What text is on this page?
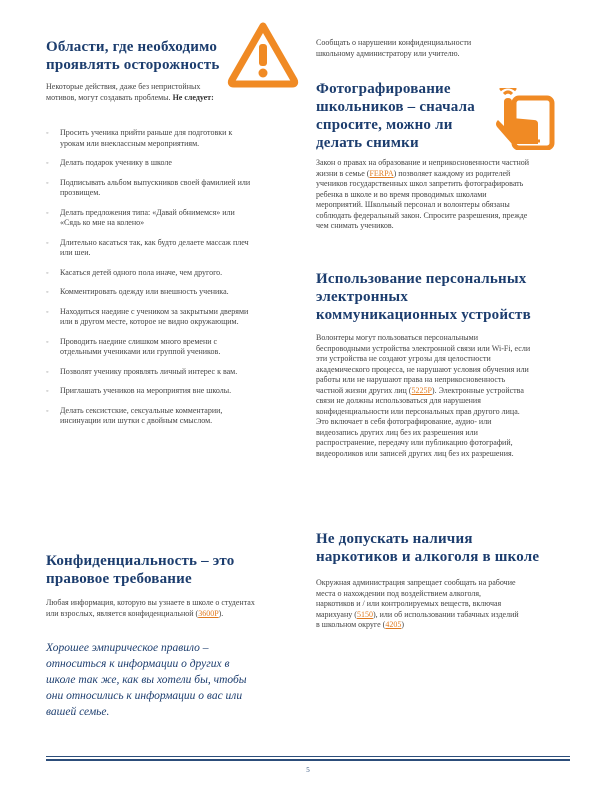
Области, где необходимо проявлять осторожность

Некоторые действия, даже без непристойных мотивов, могут создавать проблемы. Не следует:

◦ Просить ученика прийти раньше для подготовки к урокам или внеклассным мероприятиям.
◦ Делать подарок ученику в школе
◦ Подписывать альбом выпускников своей фамилией или прозвищем.
◦ Делать предложения типа: «Давай обнимемся» или «Сядь ко мне на колено»
◦ Длительно касаться так, как будто делаете массаж плеч или шеи.
◦ Касаться детей одного пола иначе, чем другого.
◦ Комментировать одежду или внешность ученика.
◦ Находиться наедине с учеником за закрытыми дверями или в другом месте, которое не видно окружающим.
◦ Проводить наедине слишком много времени с отдельными учениками или группой учеников.
◦ Позволят ученику проявлять личный интерес к вам.
◦ Приглашать учеников на мероприятия вне школы.
◦ Делать сексистские, сексуальные комментарии, инсинуации или шутки с двойным смыслом.
Конфиденциальность – это правовое требование

Любая информация, которую вы узнаете в школе о студентах или взрослых, является конфиденциальной (3600P).

Хорошее эмпирическое правило – относиться к информации о других в школе так же, как вы хотели бы, чтобы они относились к информации о вас или вашей семье.

Сообщать о нарушении конфиденциальности школьному администратору или учителю.

Фотографирование школьников – сначала спросите, можно ли делать снимки

Закон о правах на образование и неприкосновенности частной жизни в семье (FERPA) позволяет каждому из родителей учеников государственных школ запретить фотографировать ребенка в школе и во время проводимых школами мероприятий. Школьный персонал и волонтеры обязаны соблюдать федеральный закон. Спросите разрешения, прежде чем снимать учеников.

Использование персональных электронных коммуникационных устройств

Волонтеры могут пользоваться персональными беспроводными устройства электронной связи или Wi-Fi, если эти устройства не создают угрозы для целостности академического процесса, не нарушают условия обучения или работы или не нарушают права на неприкосновенность частной жизни других лиц (5225P). Электронные устройства связи не должны использоваться для нарушения конфиденциальности или персональных прав другого лица. Это включает в себя фотографирование, аудио- или видеозапись других лиц без их разрешения или распространение, передачу или публикацию фотографий, видеороликов или записей других лиц без их разрешения.

Не допускать наличия наркотиков и алкоголя в школе

Окружная администрация запрещает сообщать на рабочие места о нахождении под воздействием алкоголя, наркотиков и / или контролируемых веществ, включая марихуану (5150), или об использовании табачных изделий в школьном округе (4205)

5
